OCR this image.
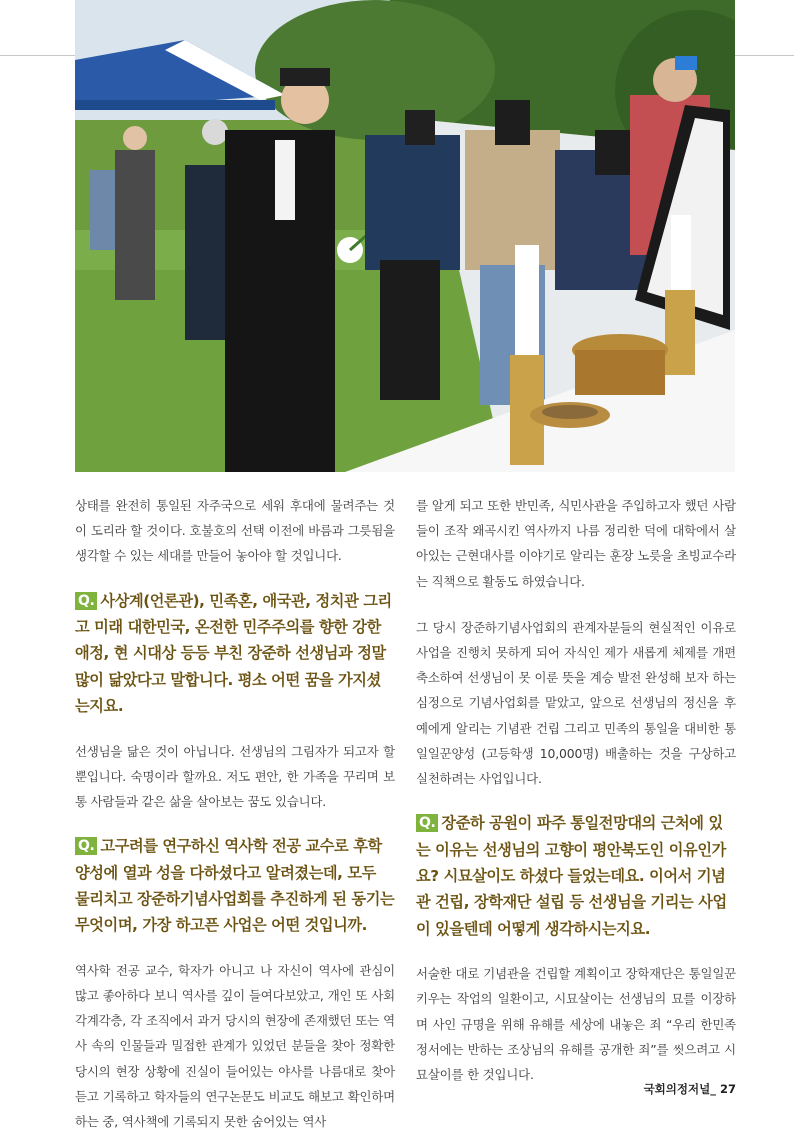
상태를 완전히 통일된 자주국으로 세워 후대에 물려주는 것이 도리라 할 것이다. 호불호의 선택 이전에 바름과 그릇됨을 생각할 수 있는 세대를 만들어 놓아야 할 것입니다.

Q. 사상계(언론관), 민족혼, 애국관, 정치관 그리고 미래 대한민국, 온전한 민주주의를 향한 강한 애정, 현 시대상 등등 부친 장준하 선생님과 정말 많이 닮았다고 말합니다. 평소 어떤 꿈을 가지셨는지요.

선생님을 닮은 것이 아닙니다. 선생님의 그림자가 되고자 할 뿐입니다. 숙명이라 할까요. 저도 편안, 한 가족을 꾸리며 보통 사람들과 같은 삶을 살아보는 꿈도 있습니다.

Q. 고구려를 연구하신 역사학 전공 교수로 후학 양성에 열과 성을 다하셨다고 알려졌는데, 모두 물리치고 장준하기념사업회를 추진하게 된 동기는 무엇이며, 가장 하고픈 사업은 어떤 것입니까.

역사학 전공 교수, 학자가 아니고 나 자신이 역사에 관심이 많고 좋아하다 보니 역사를 깊이 들여다보았고, 개인 또 사회 각계각층, 각 조직에서 과거 당시의 현장에 존재했던 또는 역사 속의 인물들과 밀접한 관계가 있었던 분들을 찾아 정확한 당시의 현장 상황에 진실이 들어있는 야사를 나름대로 찾아 듣고 기록하고 학자들의 연구논문도 비교도 해보고 확인하며 하는 중, 역사책에 기록되지 못한 숨어있는 역사

를 알게 되고 또한 반민족, 식민사관을 주입하고자 했던 사람들이 조작 왜곡시킨 역사까지 나름 정리한 덕에 대학에서 살아있는 근현대사를 이야기로 알리는 훈장 노릇을 초빙교수라는 직책으로 활동도 하였습니다.

그 당시 장준하기념사업회의 관계자분들의 현실적인 이유로 사업을 진행치 못하게 되어 자식인 제가 새롭게 체제를 개편 축소하여 선생님이 못 이룬 뜻을 계승 발전 완성해 보자 하는 심정으로 기념사업회를 맡았고, 앞으로 선생님의 정신을 후예에게 알리는 기념관 건립 그리고 민족의 통일을 대비한 통일일꾼양성 (고등학생 10,000명) 배출하는 것을 구상하고 실천하려는 사업입니다.

Q. 장준하 공원이 파주 통일전망대의 근처에 있는 이유는 선생님의 고향이 평안북도인 이유인가요? 시묘살이도 하셨다 들었는데요. 이어서 기념관 건립, 장학재단 설립 등 선생님을 기리는 사업이 있을텐데 어떻게 생각하시는지요.

서술한 대로 기념관을 건립할 계획이고 장학재단은 통일일꾼 키우는 작업의 일환이고, 시묘살이는 선생님의 묘를 이장하며 사인 규명을 위해 유해를 세상에 내놓은 죄 “우리 한민족 정서에는 반하는 조상님의 유해를 공개한 죄”를 씻으려고 시묘살이를 한 것입니다.

국회의정저널_ 27
